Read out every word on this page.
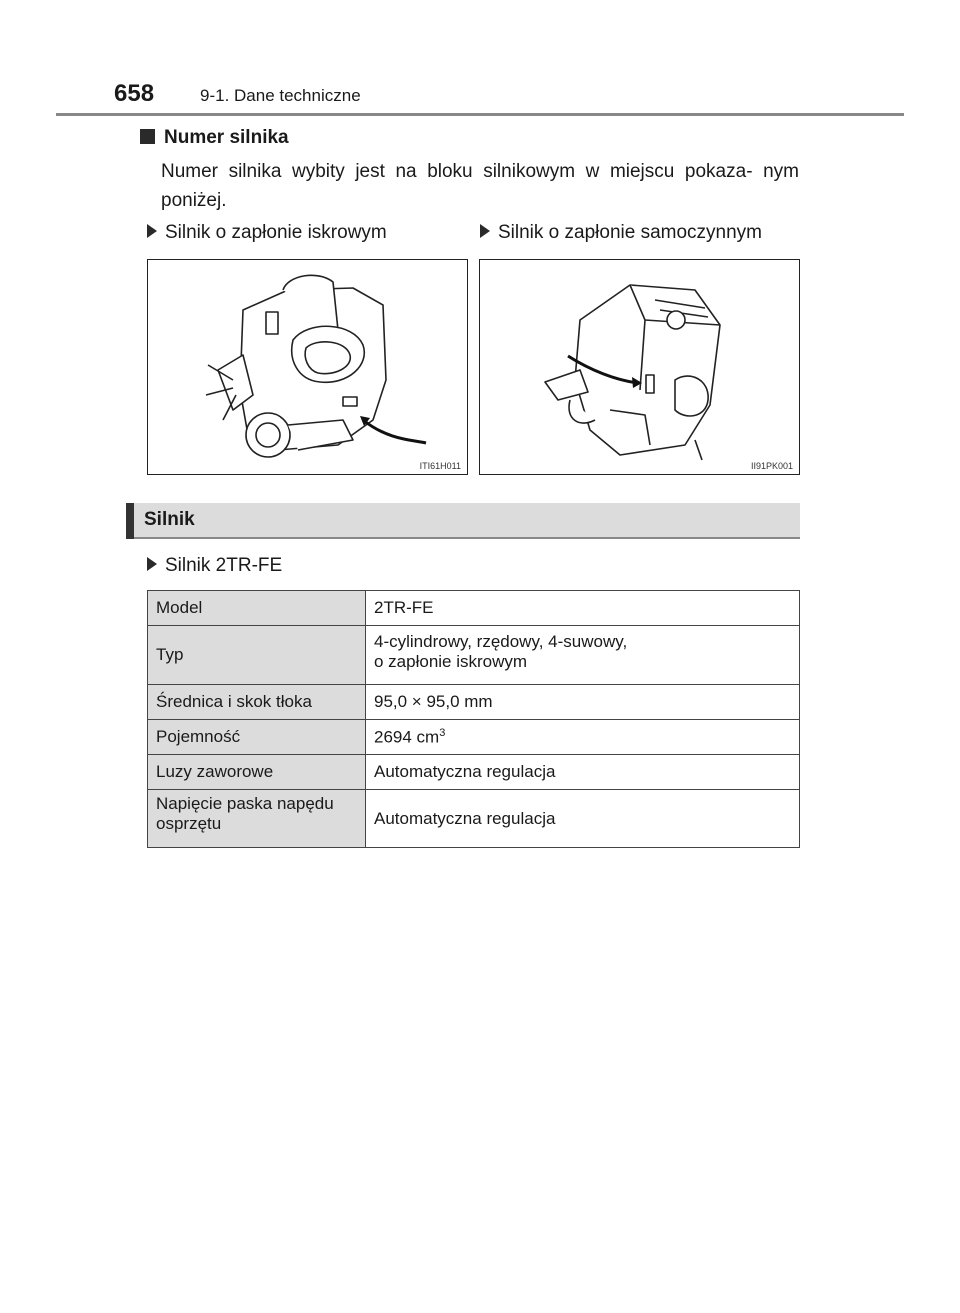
658	9-1. Dane techniczne
Numer silnika
Numer silnika wybity jest na bloku silnikowym w miejscu pokaza- nym poniżej.
Silnik o zapłonie iskrowym	Silnik o zapłonie samoczynnym
ITI61H011	II91PK001
Silnik
Silnik 2TR-FE
Model	2TR-FE
Typ	4-cylindrowy, rzędowy, 4-suwowy,
o zapłonie iskrowym

Średnica i skok tłoka	95,0 × 95,0 mm
Pojemność	2694 $cm^3$
Luzy zaworowe	Automatyczna regulacja

Napięcie paska napędu
osprzętu	Automatyczna regulacja
